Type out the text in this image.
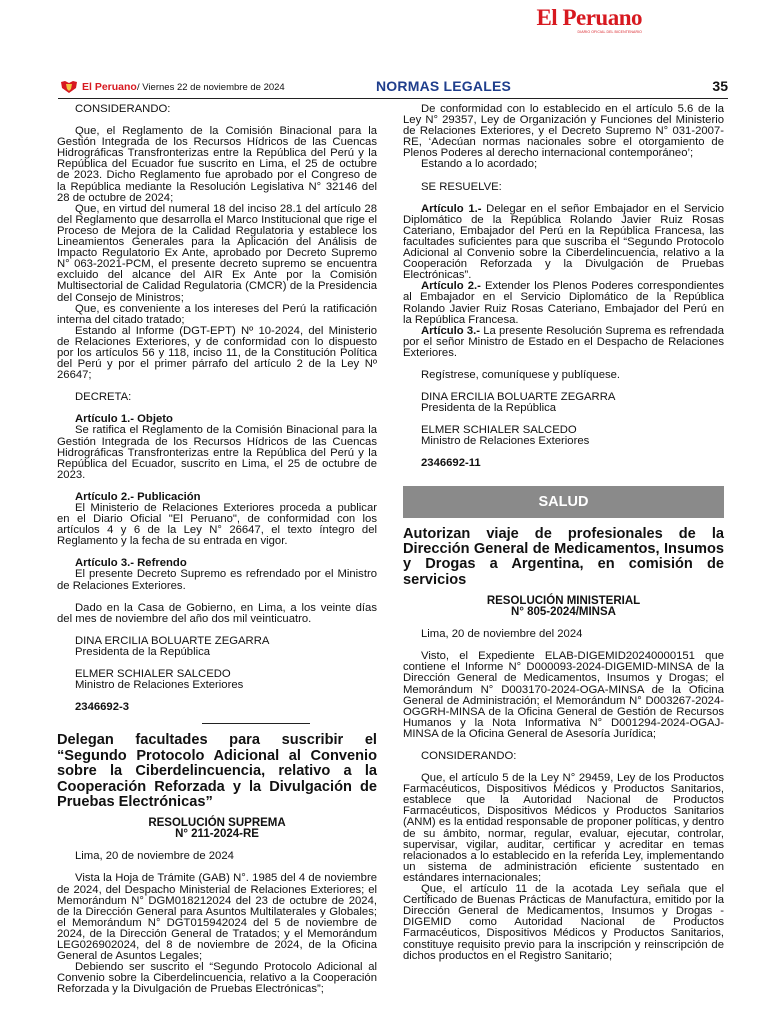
El Peruano
DIARIO OFICIAL DEL BICENTENARIO
El Peruano / Viernes 22 de noviembre de 2024	NORMAS LEGALES	35

CONSIDERANDO:

Que, el Reglamento de la Comisión Binacional para la Gestión Integrada de los Recursos Hídricos de las Cuencas Hidrográficas Transfronterizas entre la República del Perú y la República del Ecuador fue suscrito en Lima, el 25 de octubre de 2023. Dicho Reglamento fue aprobado por el Congreso de la República mediante la Resolución Legislativa N° 32146 del 28 de octubre de 2024;

Que, en virtud del numeral 18 del inciso 28.1 del artículo 28 del Reglamento que desarrolla el Marco Institucional que rige el Proceso de Mejora de la Calidad Regulatoria y establece los Lineamientos Generales para la Aplicación del Análisis de Impacto Regulatorio Ex Ante, aprobado por Decreto Supremo N° 063-2021-PCM, el presente decreto supremo se encuentra excluido del alcance del AIR Ex Ante por la Comisión Multisectorial de Calidad Regulatoria (CMCR) de la Presidencia del Consejo de Ministros;

Que, es conveniente a los intereses del Perú la ratificación interna del citado tratado;

Estando al Informe (DGT-EPT) Nº 10-2024, del Ministerio de Relaciones Exteriores, y de conformidad con lo dispuesto por los artículos 56 y 118, inciso 11, de la Constitución Política del Perú y por el primer párrafo del artículo 2 de la Ley Nº 26647;

DECRETA:

Artículo 1.- Objeto

Se ratifica el Reglamento de la Comisión Binacional para la Gestión Integrada de los Recursos Hídricos de las Cuencas Hidrográficas Transfronterizas entre la República del Perú y la República del Ecuador, suscrito en Lima, el 25 de octubre de 2023.

Artículo 2.- Publicación

El Ministerio de Relaciones Exteriores proceda a publicar en el Diario Oficial "El Peruano", de conformidad con los artículos 4 y 6 de la Ley N° 26647, el texto íntegro del Reglamento y la fecha de su entrada en vigor.

Artículo 3.- Refrendo

El presente Decreto Supremo es refrendado por el Ministro de Relaciones Exteriores.

Dado en la Casa de Gobierno, en Lima, a los veinte días del mes de noviembre del año dos mil veinticuatro.

DINA ERCILIA BOLUARTE ZEGARRA

Presidenta de la República

ELMER SCHIALER SALCEDO

Ministro de Relaciones Exteriores

2346692-3

Delegan facultades para suscribir el “Segundo Protocolo Adicional al Convenio sobre la Ciberdelincuencia, relativo a la Cooperación Reforzada y la Divulgación de Pruebas Electrónicas”

RESOLUCIÓN SUPREMA

N° 211-2024-RE

Lima, 20 de noviembre de 2024

Vista la Hoja de Trámite (GAB) N°. 1985 del 4 de noviembre de 2024, del Despacho Ministerial de Relaciones Exteriores; el Memorándum N° DGM018212024 del 23 de octubre de 2024, de la Dirección General para Asuntos Multilaterales y Globales; el Memorándum N° DGT015942024 del 5 de noviembre de 2024, de la Dirección General de Tratados; y el Memorándum LEG026902024, del 8 de noviembre de 2024, de la Oficina General de Asuntos Legales;

Debiendo ser suscrito el “Segundo Protocolo Adicional al Convenio sobre la Ciberdelincuencia, relativo a la Cooperación Reforzada y la Divulgación de Pruebas Electrónicas”;

De conformidad con lo establecido en el artículo 5.6 de la Ley N° 29357, Ley de Organización y Funciones del Ministerio de Relaciones Exteriores, y el Decreto Supremo N° 031-2007-RE, ‘Adecúan normas nacionales sobre el otorgamiento de Plenos Poderes al derecho internacional contemporáneo’;

Estando a lo acordado;

SE RESUELVE:

Artículo 1.- Delegar en el señor Embajador en el Servicio Diplomático de la República Rolando Javier Ruiz Rosas Cateriano, Embajador del Perú en la República Francesa, las facultades suficientes para que suscriba el “Segundo Protocolo Adicional al Convenio sobre la Ciberdelincuencia, relativo a la Cooperación Reforzada y la Divulgación de Pruebas Electrónicas”.

Artículo 2.- Extender los Plenos Poderes correspondientes al Embajador en el Servicio Diplomático de la República Rolando Javier Ruiz Rosas Cateriano, Embajador del Perú en la República Francesa.

Artículo 3.- La presente Resolución Suprema es refrendada por el señor Ministro de Estado en el Despacho de Relaciones Exteriores.

Regístrese, comuníquese y publíquese.

DINA ERCILIA BOLUARTE ZEGARRA

Presidenta de la República

ELMER SCHIALER SALCEDO

Ministro de Relaciones Exteriores

2346692-11

SALUD

Autorizan viaje de profesionales de la Dirección General de Medicamentos, Insumos y Drogas a Argentina, en comisión de servicios

RESOLUCIÓN MINISTERIAL

N° 805-2024/MINSA

Lima, 20 de noviembre del 2024

Visto, el Expediente ELAB-DIGEMID20240000151 que contiene el Informe N° D000093-2024-DIGEMID-MINSA de la Dirección General de Medicamentos, Insumos y Drogas; el Memorándum N° D003170-2024-OGA-MINSA de la Oficina General de Administración; el Memorándum N° D003267-2024-OGGRH-MINSA de la Oficina General de Gestión de Recursos Humanos y la Nota Informativa N° D001294-2024-OGAJ-MINSA de la Oficina General de Asesoría Jurídica;

CONSIDERANDO:

Que, el artículo 5 de la Ley N° 29459, Ley de los Productos Farmacéuticos, Dispositivos Médicos y Productos Sanitarios, establece que la Autoridad Nacional de Productos Farmacéuticos, Dispositivos Médicos y Productos Sanitarios (ANM) es la entidad responsable de proponer políticas, y dentro de su ámbito, normar, regular, evaluar, ejecutar, controlar, supervisar, vigilar, auditar, certificar y acreditar en temas relacionados a lo establecido en la referida Ley, implementando un sistema de administración eficiente sustentado en estándares internacionales;

Que, el artículo 11 de la acotada Ley señala que el Certificado de Buenas Prácticas de Manufactura, emitido por la Dirección General de Medicamentos, Insumos y Drogas - DIGEMID como Autoridad Nacional de Productos Farmacéuticos, Dispositivos Médicos y Productos Sanitarios, constituye requisito previo para la inscripción y reinscripción de dichos productos en el Registro Sanitario;
